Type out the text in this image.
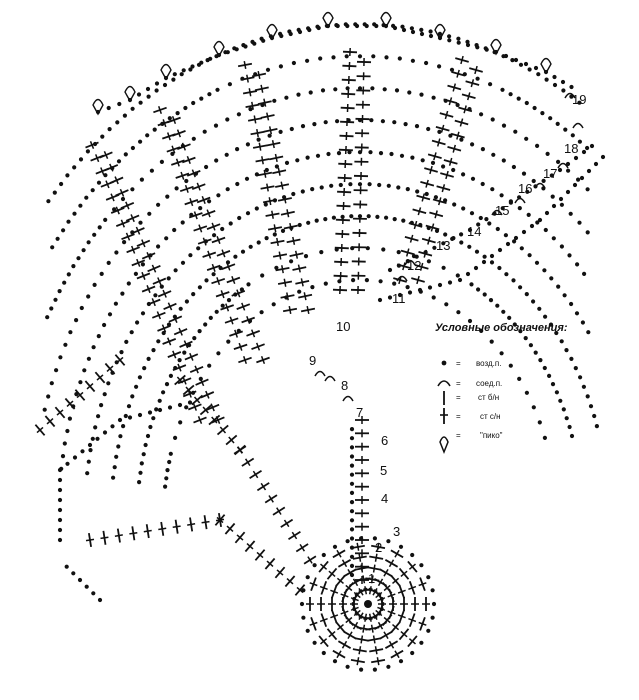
1
2
3
4
5
6
7
8
9
10
11
12
13
14
15
16
17
18
19
Условные обозначения:
= возд.п.
= соед.п.
= ст б/н
= ст с/н
= "пико"
